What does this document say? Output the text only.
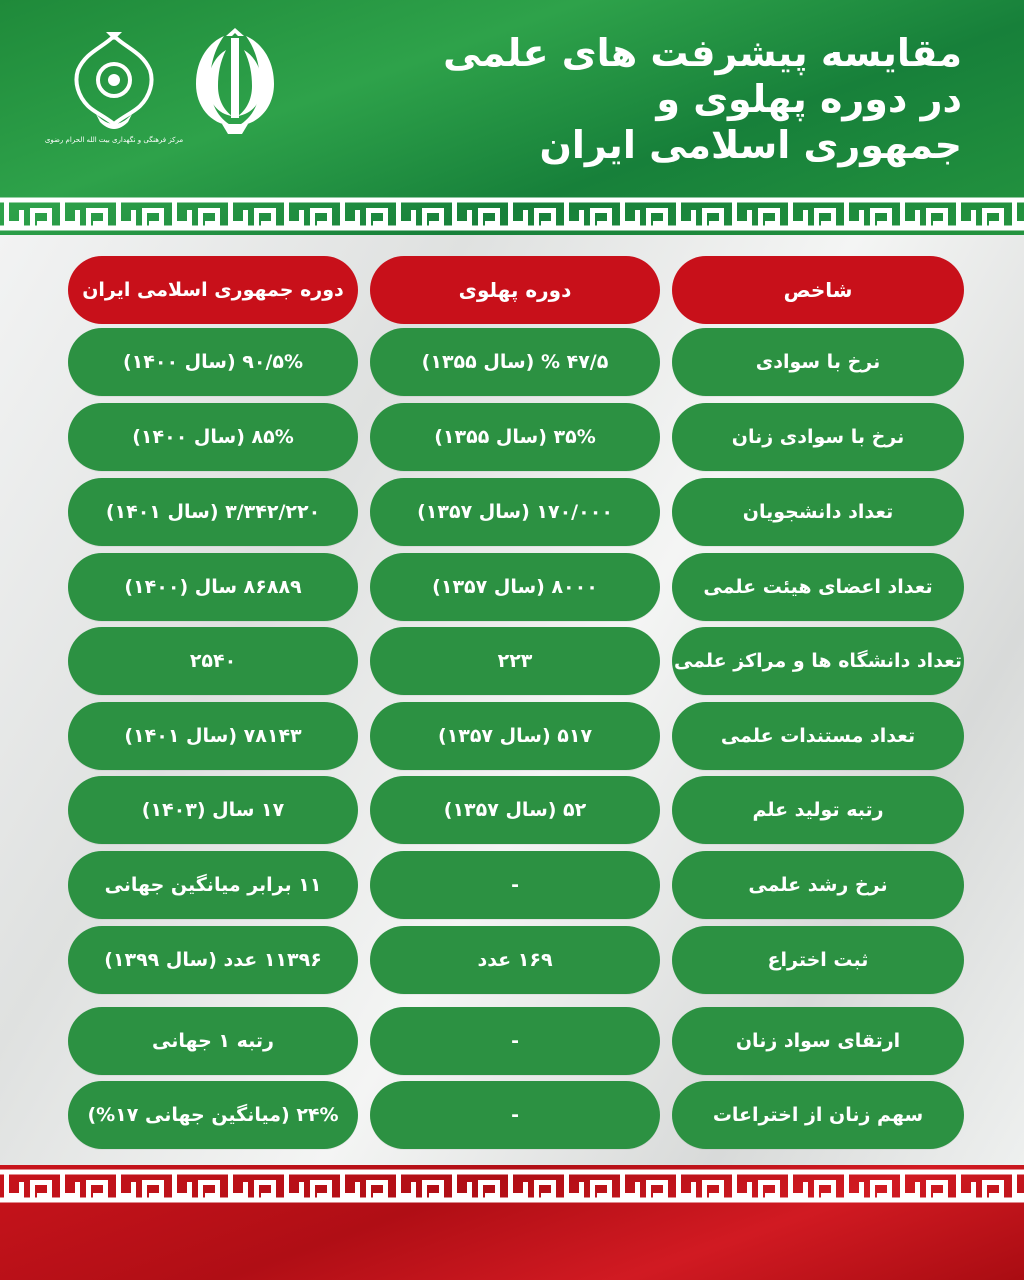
مرکز فرهنگی و نگهداری بیت الله الحرام رضوی
مقایسه پیشرفت های علمی
در دوره پهلوی و
جمهوری اسلامی ایران
شاخص
دوره پهلوی
دوره جمهوری اسلامی ایران
نرخ با سوادی
۴۷/۵ % (سال ۱۳۵۵)
۹۰/۵% (سال ۱۴۰۰)
نرخ با سوادی زنان
۳۵% (سال ۱۳۵۵)
۸۵% (سال ۱۴۰۰)
تعداد دانشجویان
۱۷۰/۰۰۰ (سال ۱۳۵۷)
۳/۳۴۲/۲۲۰ (سال ۱۴۰۱)
تعداد اعضای هیئت علمی
۸۰۰۰ (سال ۱۳۵۷)
۸۶۸۸۹ سال (۱۴۰۰)
تعداد دانشگاه ها و مراکز علمی
۲۲۳
۲۵۴۰
تعداد مستندات علمی
۵۱۷ (سال ۱۳۵۷)
۷۸۱۴۳ (سال ۱۴۰۱)
رتبه تولید علم
۵۲ (سال ۱۳۵۷)
۱۷ سال (۱۴۰۳)
نرخ رشد علمی
-
۱۱ برابر میانگین جهانی
ثبت اختراع
۱۶۹ عدد
۱۱۳۹۶ عدد (سال ۱۳۹۹)
ارتقای سواد زنان
-
رتبه ۱ جهانی
سهم زنان از اختراعات
-
۲۴% (میانگین جهانی ۱۷%)
